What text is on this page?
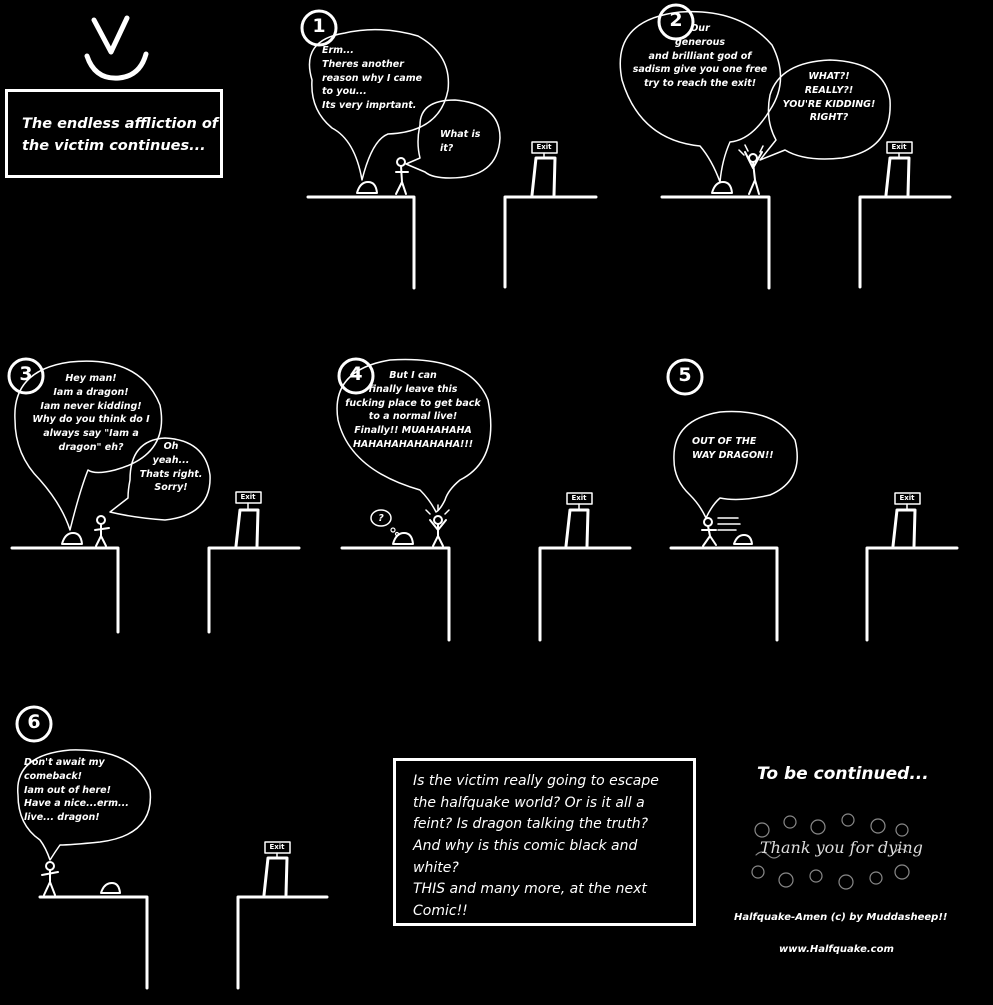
The endless affliction of
the victim continues...
1	2
3	4	5
6
Exit	Exit
Exit	Exit	Exit
Exit
Erm...
Theres another
reason why I came
to you...
Its very imprtant.
What is
it?
Our
generous
and brilliant god of
sadism give you one free
try to reach the exit!
WHAT?!
REALLY?!
YOU'RE KIDDING!
RIGHT?
Hey man!
Iam a dragon!
Iam never kidding!
Why do you think do I
always say "Iam a
dragon" eh?	Oh
yeah...
Thats right.
Sorry!
But I can
finally leave this
fucking place to get back
to a normal live!
Finally!! MUAHAHAHA
HAHAHAHAHAHAHA!!!
?
OUT OF THE
WAY DRAGON!!
Don't await my
comeback!
Iam out of here!
Have a nice...erm...
live... dragon!
Is the victim really going to escape
the halfquake world? Or is it all a
feint? Is dragon talking the truth?
And why is this comic black and
white?
THIS and many more, at the next
Comic!!
To be continued...
Thank you for dying
Halfquake-Amen (c) by Muddasheep!!
www.Halfquake.com
